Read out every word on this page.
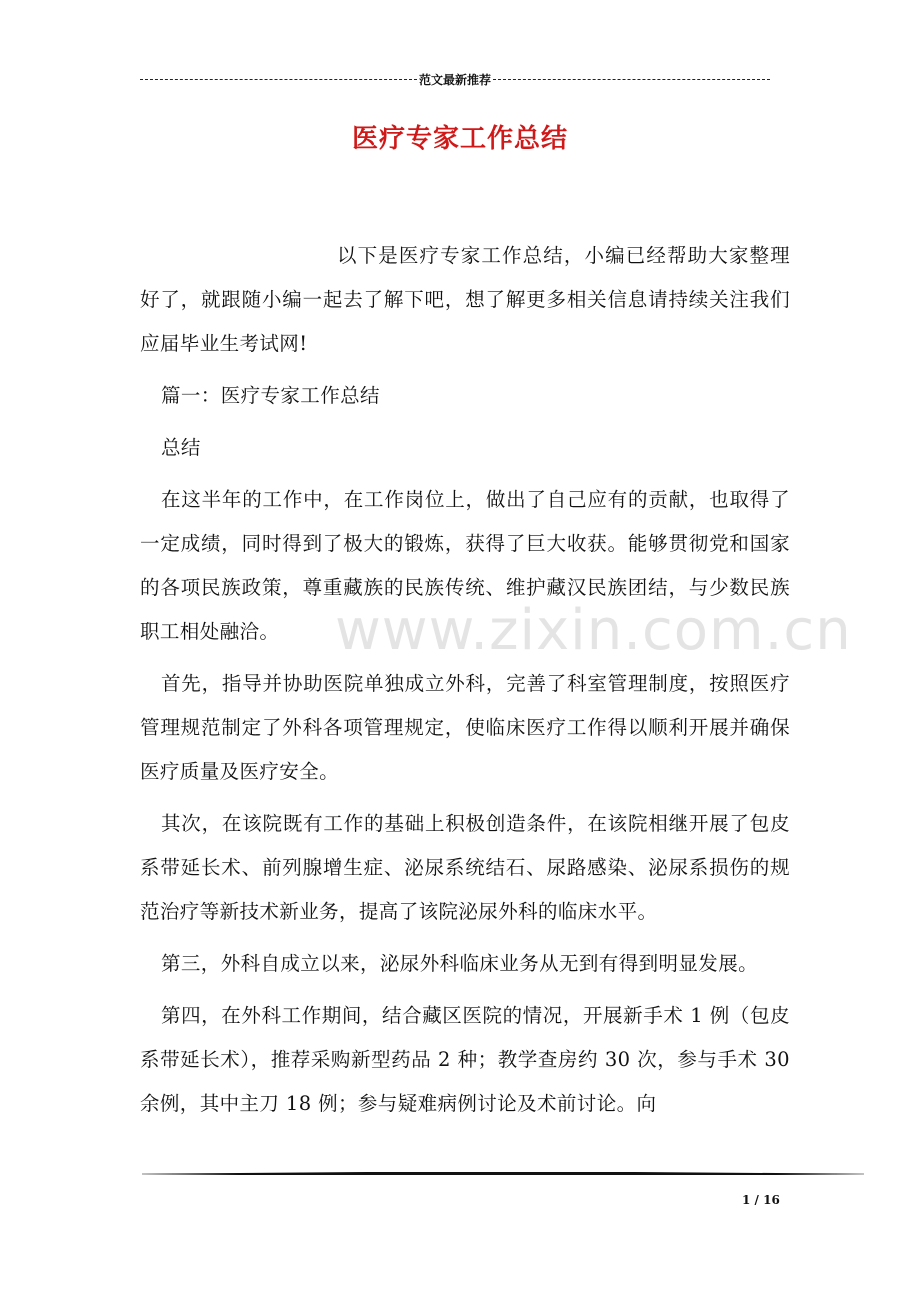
范文最新推荐
医疗专家工作总结

以下是医疗专家工作总结，小编已经帮助大家整理好了，就跟随小编一起去了解下吧，想了解更多相关信息请持续关注我们应届毕业生考试网!

篇一：医疗专家工作总结

总结

在这半年的工作中，在工作岗位上，做出了自己应有的贡献，也取得了一定成绩，同时得到了极大的锻炼，获得了巨大收获。能够贯彻党和国家的各项民族政策，尊重藏族的民族传统、维护藏汉民族团结，与少数民族职工相处融洽。

首先，指导并协助医院单独成立外科，完善了科室管理制度，按照医疗管理规范制定了外科各项管理规定，使临床医疗工作得以顺利开展并确保医疗质量及医疗安全。

其次，在该院既有工作的基础上积极创造条件，在该院相继开展了包皮系带延长术、前列腺增生症、泌尿系统结石、尿路感染、泌尿系损伤的规范治疗等新技术新业务，提高了该院泌尿外科的临床水平。

第三，外科自成立以来，泌尿外科临床业务从无到有得到明显发展。

第四，在外科工作期间，结合藏区医院的情况，开展新手术 1 例（包皮系带延长术），推荐采购新型药品 2 种；教学查房约 30 次，参与手术 30 余例，其中主刀 18 例；参与疑难病例讨论及术前讨论。向

www.zixin.com.cn
1 / 16
